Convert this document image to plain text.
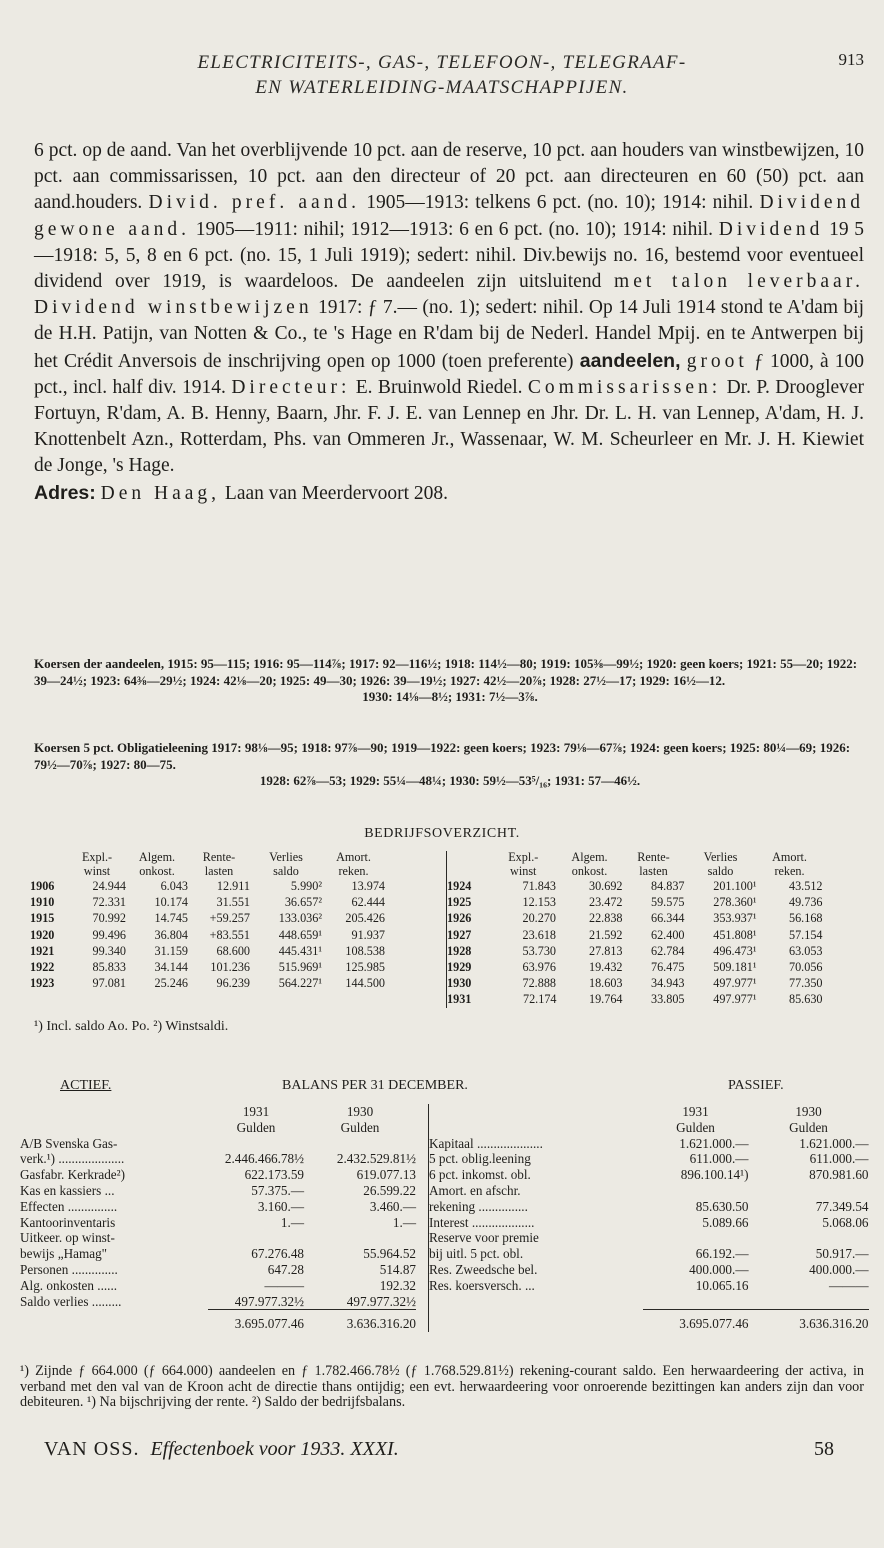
ELECTRICITEITS-, GAS-, TELEFOON-, TELEGRAAF-
EN WATERLEIDING-MAATSCHAPPIJEN.
913

6 pct. op de aand. Van het overblijvende 10 pct. aan de reserve, 10 pct. aan houders van winstbewijzen, 10 pct. aan commissarissen, 10 pct. aan den directeur of 20 pct. aan directeuren en 60 (50) pct. aan aand.houders. Divid. pref. aand. 1905—1913: telkens 6 pct. (no. 10); 1914: nihil. Dividend gewone aand. 1905—1911: nihil; 1912—1913: 6 en 6 pct. (no. 10); 1914: nihil. Dividend 19 5—1918: 5, 5, 8 en 6 pct. (no. 15, 1 Juli 1919); sedert: nihil. Div.bewijs no. 16, bestemd voor eventueel dividend over 1919, is waardeloos. De aandeelen zijn uitsluitend met talon leverbaar. Dividend winstbewijzen 1917: ƒ 7.— (no. 1); sedert: nihil. Op 14 Juli 1914 stond te A'dam bij de H.H. Patijn, van Notten & Co., te 's Hage en R'dam bij de Nederl. Handel Mpij. en te Antwerpen bij het Crédit Anversois de inschrijving open op 1000 (toen preferente) aandeelen, groot ƒ 1000, à 100 pct., incl. half div. 1914. Directeur: E. Bruinwold Riedel. Commissarissen: Dr. P. Drooglever Fortuyn, R'dam, A. B. Henny, Baarn, Jhr. F. J. E. van Lennep en Jhr. Dr. L. H. van Lennep, A'dam, H. J. Knottenbelt Azn., Rotterdam, Phs. van Ommeren Jr., Wassenaar, W. M. Scheurleer en Mr. J. H. Kiewiet de Jonge, 's Hage.

Adres: Den Haag, Laan van Meerdervoort 208.

Koersen der aandeelen, 1915: 95—115; 1916: 95—114⅞; 1917: 92—116½; 1918: 114½—80; 1919: 105⅜—99½; 1920: geen koers; 1921: 55—20; 1922: 39—24½; 1923: 64⅜—29½; 1924: 42⅛—20; 1925: 49—30; 1926: 39—19½; 1927: 42½—20⅞; 1928: 27½—17; 1929: 16½—12.

1930: 14⅛—8½; 1931: 7½—3⅞.

Koersen 5 pct. Obligatieleening 1917: 98⅛—95; 1918: 97⅞—90; 1919—1922: geen koers; 1923: 79⅛—67⅞; 1924: geen koers; 1925: 80¼—69; 1926: 79½—70⅞; 1927: 80—75.

1928: 62⅞—53; 1929: 55¼—48¼; 1930: 59½—53⁵/₁₆; 1931: 57—46½.

BEDRIJFSOVERZICHT.
	Expl.-	Algem.	Rente-	Verlies	Amort.
	winst	onkost.	lasten	saldo	reken.
1906	24.944	6.043	12.911	5.990²	13.974
1910	72.331	10.174	31.551	36.657²	62.444
1915	70.992	14.745	+59.257	133.036²	205.426
1920	99.496	36.804	+83.551	448.659¹	91.937
1921	99.340	31.159	68.600	445.431¹	108.538
1922	85.833	34.144	101.236	515.969¹	125.985
1923	97.081	25.246	96.239	564.227¹	144.500
	Expl.-	Algem.	Rente-	Verlies	Amort.
	winst	onkost.	lasten	saldo	reken.
1924	71.843	30.692	84.837	201.100¹	43.512
1925	12.153	23.472	59.575	278.360¹	49.736
1926	20.270	22.838	66.344	353.937¹	56.168
1927	23.618	21.592	62.400	451.808¹	57.154
1928	53.730	27.813	62.784	496.473¹	63.053
1929	63.976	19.432	76.475	509.181¹	70.056
1930	72.888	18.603	34.943	497.977¹	77.350
1931	72.174	19.764	33.805	497.977¹	85.630
¹) Incl. saldo Ao. Po. ²) Winstsaldi.
ACTIEF.	BALANS PER 31 DECEMBER.	PASSIEF.
	1931	1930
	Gulden	Gulden
A/B Svenska Gas-		
verk.¹) ....................	2.446.466.78½	2.432.529.81½
Gasfabr. Kerkrade²)	622.173.59	619.077.13
Kas en kassiers ...	57.375.—	26.599.22
Effecten ...............	3.160.—	3.460.—
Kantoorinventaris	1.—	1.—
Uitkeer. op winst-		
bewijs „Hamag"	67.276.48	55.964.52
Personen ..............	647.28	514.87
Alg. onkosten ......	———	192.32
Saldo verlies .........	497.977.32½	497.977.32½
	3.695.077.46	3.636.316.20
	1931	1930
	Gulden	Gulden
Kapitaal ....................	1.621.000.—	1.621.000.—
5 pct. oblig.leening	611.000.—	611.000.—
6 pct. inkomst. obl.	896.100.14¹)	870.981.60
Amort. en afschr.		
rekening ...............	85.630.50	77.349.54
Interest ...................	5.089.66	5.068.06
Reserve voor premie		
bij uitl. 5 pct. obl.	66.192.—	50.917.—
Res. Zweedsche bel.	400.000.—	400.000.—
Res. koersversch. ...	10.065.16	———

	3.695.077.46	3.636.316.20

¹) Zijnde ƒ 664.000 (ƒ 664.000) aandeelen en ƒ 1.782.466.78½ (ƒ 1.768.529.81½) rekening-courant saldo. Een herwaardeering der activa, in verband met den val van de Kroon acht de directie thans ontijdig; een evt. herwaardeering voor onroerende bezittingen kan anders zijn dan voor debiteuren. ¹) Na bijschrijving der rente. ²) Saldo der bedrijfsbalans.

VAN OSS. Effectenboek voor 1933. XXXI.	58
